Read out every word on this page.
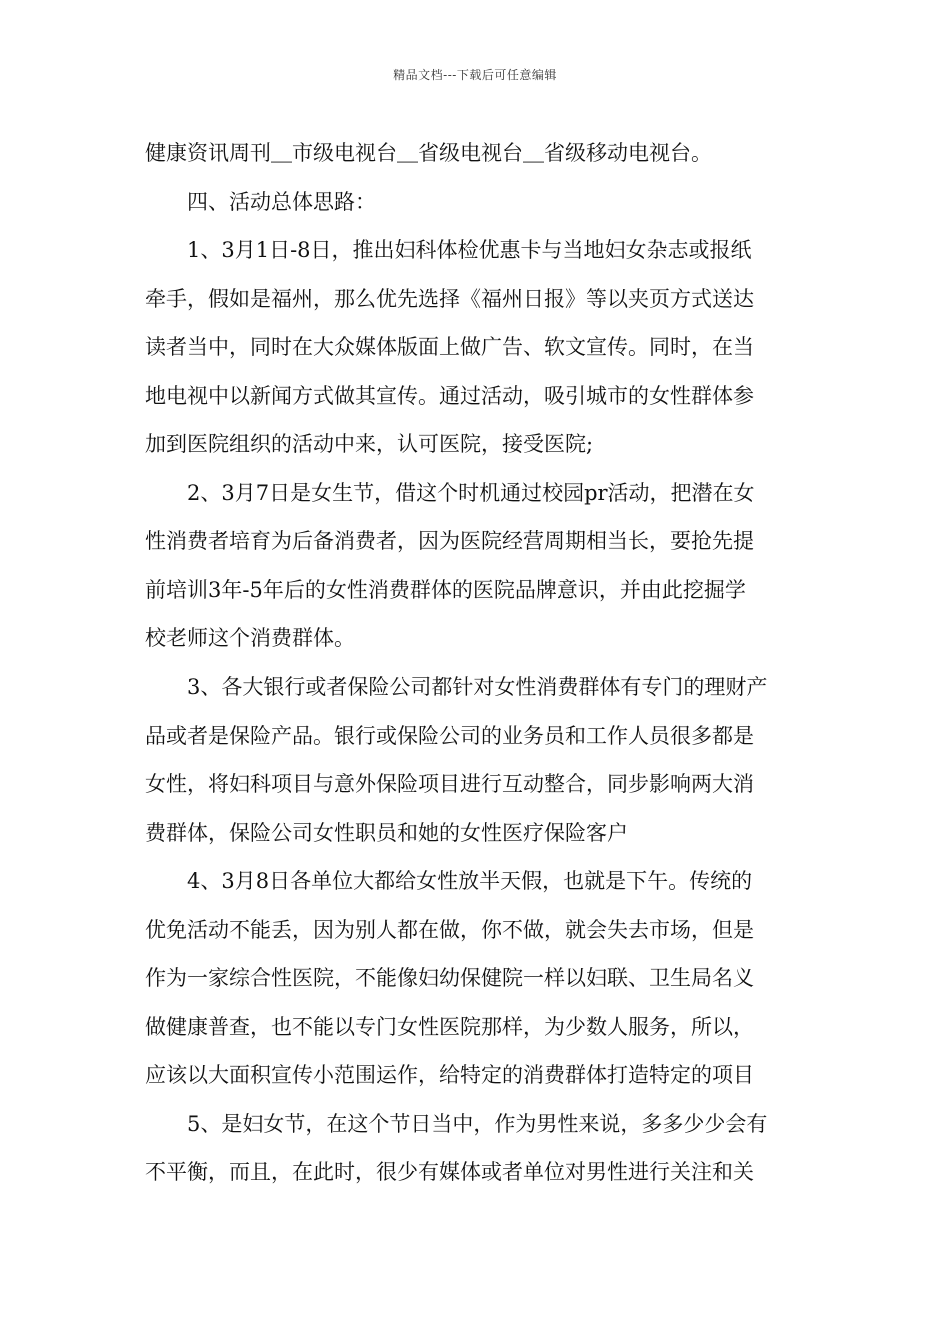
精品文档---下载后可任意编辑
健康资讯周刊＿市级电视台＿省级电视台＿省级移动电视台。
四、活动总体思路：
1、3月1日-8日，推出妇科体检优惠卡与当地妇女杂志或报纸
牵手，假如是福州，那么优先选择《福州日报》等以夹页方式送达
读者当中，同时在大众媒体版面上做广告、软文宣传。同时，在当
地电视中以新闻方式做其宣传。通过活动，吸引城市的女性群体参
加到医院组织的活动中来，认可医院，接受医院;
2、3月7日是女生节，借这个时机通过校园pr活动，把潜在女
性消费者培育为后备消费者，因为医院经营周期相当长，要抢先提
前培训3年-5年后的女性消费群体的医院品牌意识，并由此挖掘学
校老师这个消费群体。
3、各大银行或者保险公司都针对女性消费群体有专门的理财产
品或者是保险产品。银行或保险公司的业务员和工作人员很多都是
女性，将妇科项目与意外保险项目进行互动整合，同步影响两大消
费群体，保险公司女性职员和她的女性医疗保险客户
4、3月8日各单位大都给女性放半天假，也就是下午。传统的
优免活动不能丢，因为别人都在做，你不做，就会失去市场，但是
作为一家综合性医院，不能像妇幼保健院一样以妇联、卫生局名义
做健康普查，也不能以专门女性医院那样，为少数人服务，所以，
应该以大面积宣传小范围运作，给特定的消费群体打造特定的项目
5、是妇女节，在这个节日当中，作为男性来说，多多少少会有
不平衡，而且，在此时，很少有媒体或者单位对男性进行关注和关
